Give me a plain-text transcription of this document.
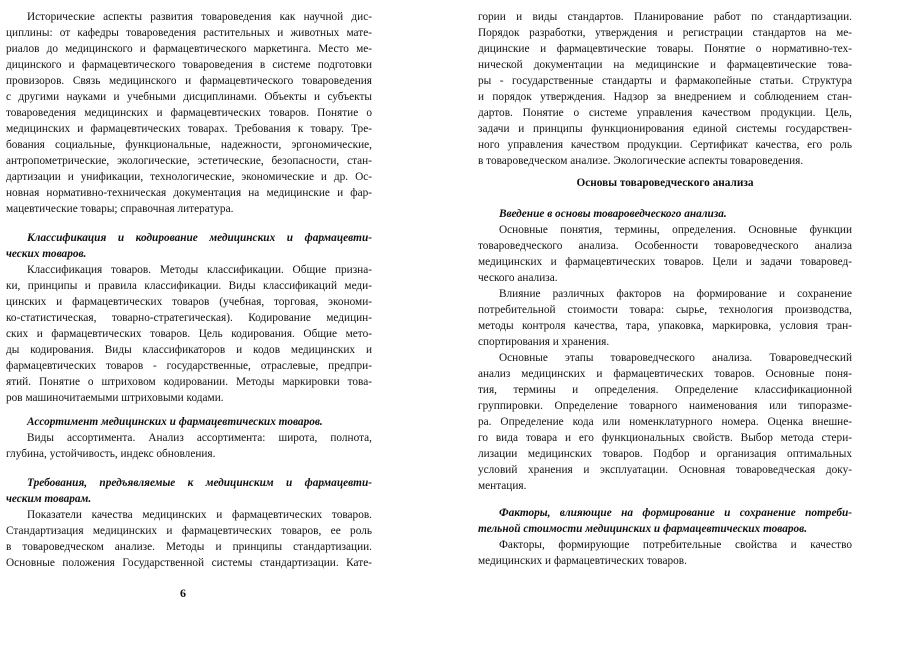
Исторические аспекты развития товароведения как научной дис-

циплины: от кафедры товароведения растительных и животных мате-

риалов до медицинского и фармацевтического маркетинга. Место ме-

дицинского и фармацевтического товароведения в системе подготовки

провизоров. Связь медицинского и фармацевтического товароведения

с другими науками и учебными дисциплинами. Объекты и субъекты

товароведения медицинских и фармацевтических товаров. Понятие о

медицинских и фармацевтических товарах. Требования к товару. Тре-

бования социальные, функциональные, надежности, эргономические,

антропометрические, экологические, эстетические, безопасности, стан-

дартизации и унификации, технологические, экономические и др. Ос-

новная нормативно-техническая документация на медицинские и фар-

мацевтические товары; справочная литература.

Классификация и кодирование медицинских и фармацевти-

ческих товаров.

Классификация товаров. Методы классификации. Общие призна-

ки, принципы и правила классификации. Виды классификаций меди-

цинских и фармацевтических товаров (учебная, торговая, экономи-

ко-статистическая, товарно-стратегическая). Кодирование медицин-

ских и фармацевтических товаров. Цель кодирования. Общие мето-

ды кодирования. Виды классификаторов и кодов медицинских и

фармацевтических товаров - государственные, отраслевые, предпри-

ятий. Понятие о штриховом кодировании. Методы маркировки това-

ров машиночитаемыми штриховыми кодами.

Ассортимент медицинских и фармацевтических товаров.

Виды ассортимента. Анализ ассортимента: широта, полнота,

глубина, устойчивость, индекс обновления.

Требования, предъявляемые к медицинским и фармацевти-

ческим товарам.

Показатели качества медицинских и фармацевтических товаров.

Стандартизация медицинских и фармацевтических товаров, ее роль

в товароведческом анализе. Методы и принципы стандартизации.

Основные положения Государственной системы стандартизации. Кате-

гории и виды стандартов. Планирование работ по стандартизации.

Порядок разработки, утверждения и регистрации стандартов на ме-

дицинские и фармацевтические товары. Понятие о нормативно-тех-

нической документации на медицинские и фармацевтические това-

ры - государственные стандарты и фармакопейные статьи. Структура

и порядок утверждения. Надзор за внедрением и соблюдением стан-

дартов. Понятие о системе управления качеством продукции. Цель,

задачи и принципы функционирования единой системы государствен-

ного управления качеством продукции. Сертификат качества, его роль

в товароведческом анализе. Экологические аспекты товароведения.

Основы товароведческого анализа

Введение в основы товароведческого анализа.

Основные понятия, термины, определения. Основные функции

товароведческого анализа. Особенности товароведческого анализа

медицинских и фармацевтических товаров. Цели и задачи товаровед-

ческого анализа.

Влияние различных факторов на формирование и сохранение

потребительной стоимости товара: сырье, технология производства,

методы контроля качества, тара, упаковка, маркировка, условия тран-

спортирования и хранения.

Основные этапы товароведческого анализа. Товароведческий

анализ медицинских и фармацевтических товаров. Основные поня-

тия, термины и определения. Определение классификационной

группировки. Определение товарного наименования или типоразме-

ра. Определение кода или номенклатурного номера. Оценка внешне-

го вида товара и его функциональных свойств. Выбор метода стери-

лизации медицинских товаров. Подбор и организация оптимальных

условий хранения и эксплуатации. Основная товароведческая доку-

ментация.

Факторы, влияющие на формирование и сохранение потреби-

тельной стоимости медицинских и фармацевтических товаров.

Факторы, формирующие потребительные свойства и качество

медицинских и фармацевтических товаров.

6
